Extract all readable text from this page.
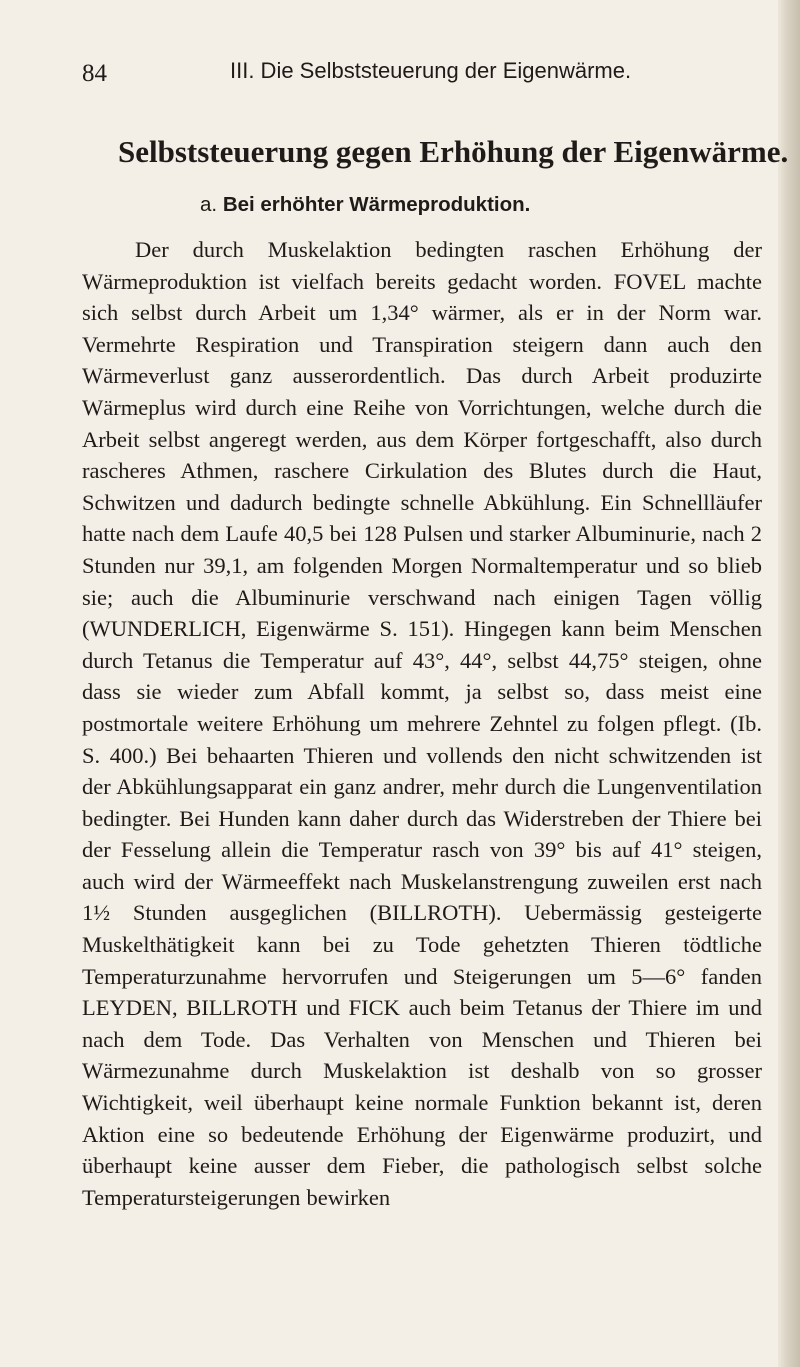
84	III. Die Selbststeuerung der Eigenwärme.
Selbststeuerung gegen Erhöhung der Eigenwärme.
a. Bei erhöhter Wärmeproduktion.

Der durch Muskelaktion bedingten raschen Erhöhung der Wärmeproduktion ist vielfach bereits gedacht worden. FOVEL machte sich selbst durch Arbeit um 1,34° wärmer, als er in der Norm war. Vermehrte Respiration und Transpiration steigern dann auch den Wärmeverlust ganz ausserordentlich. Das durch Arbeit produzirte Wärmeplus wird durch eine Reihe von Vorrichtungen, welche durch die Arbeit selbst angeregt werden, aus dem Körper fortgeschafft, also durch rascheres Athmen, raschere Cirkulation des Blutes durch die Haut, Schwitzen und dadurch bedingte schnelle Abkühlung. Ein Schnellläufer hatte nach dem Laufe 40,5 bei 128 Pulsen und starker Albuminurie, nach 2 Stunden nur 39,1, am folgenden Morgen Normaltemperatur und so blieb sie; auch die Albuminurie verschwand nach einigen Tagen völlig (WUNDERLICH, Eigenwärme S. 151). Hingegen kann beim Menschen durch Tetanus die Temperatur auf 43°, 44°, selbst 44,75° steigen, ohne dass sie wieder zum Abfall kommt, ja selbst so, dass meist eine postmortale weitere Erhöhung um mehrere Zehntel zu folgen pflegt. (Ib. S. 400.) Bei behaarten Thieren und vollends den nicht schwitzenden ist der Abkühlungsapparat ein ganz andrer, mehr durch die Lungenventilation bedingter. Bei Hunden kann daher durch das Widerstreben der Thiere bei der Fesselung allein die Temperatur rasch von 39° bis auf 41° steigen, auch wird der Wärmeeffekt nach Muskelanstrengung zuweilen erst nach 1½ Stunden ausgeglichen (BILLROTH). Uebermässig gesteigerte Muskelthätigkeit kann bei zu Tode gehetzten Thieren tödtliche Temperaturzunahme hervorrufen und Steigerungen um 5—6° fanden LEYDEN, BILLROTH und FICK auch beim Tetanus der Thiere im und nach dem Tode. Das Verhalten von Menschen und Thieren bei Wärmezunahme durch Muskelaktion ist deshalb von so grosser Wichtigkeit, weil überhaupt keine normale Funktion bekannt ist, deren Aktion eine so bedeutende Erhöhung der Eigenwärme produzirt, und überhaupt keine ausser dem Fieber, die pathologisch selbst solche Temperatursteigerungen bewirken
